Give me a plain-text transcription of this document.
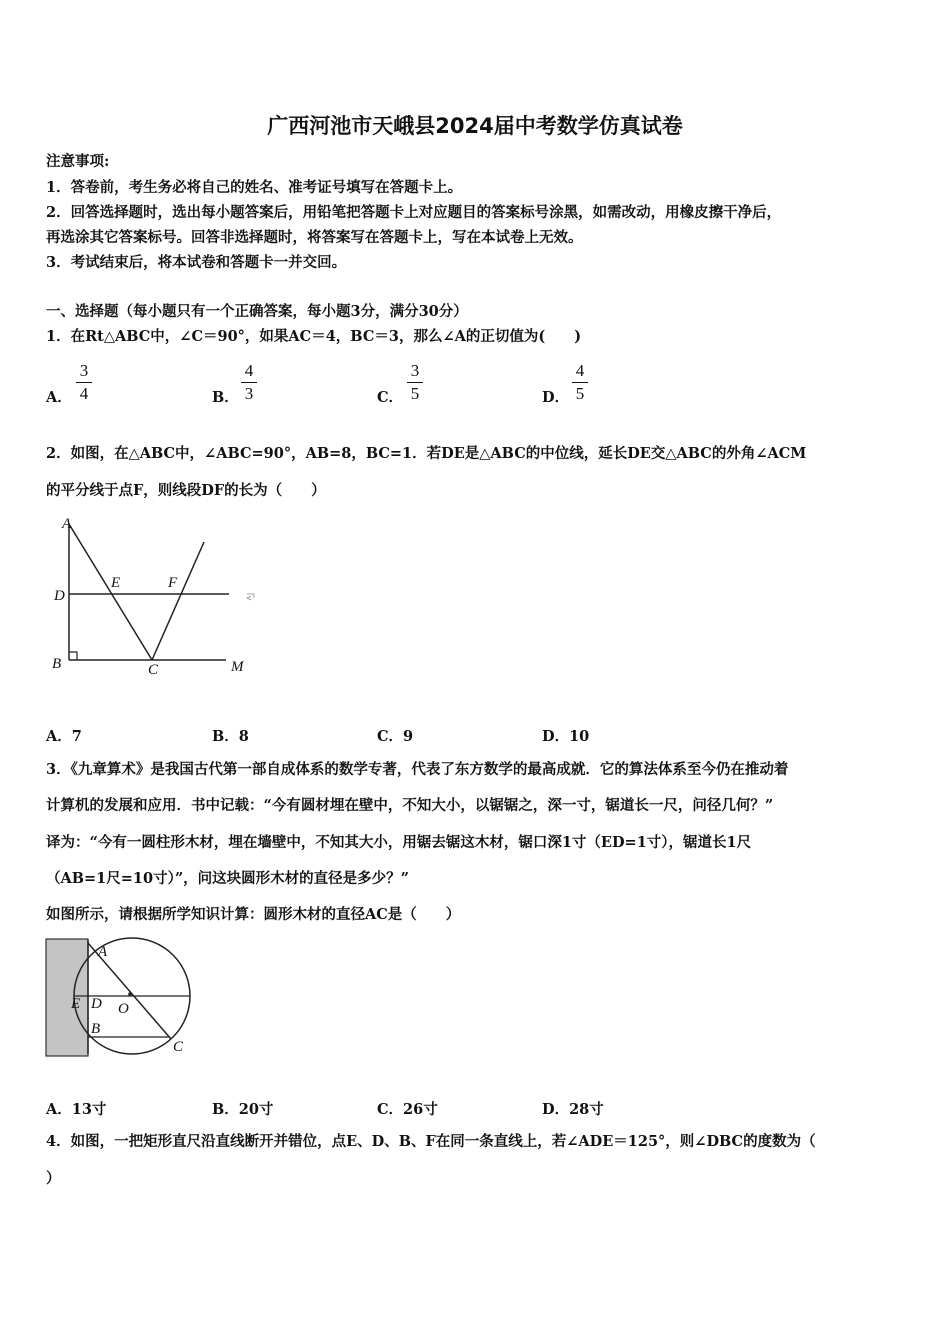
广西河池市天峨县2024届中考数学仿真试卷
注意事项:
1．答卷前，考生务必将自己的姓名、准考证号填写在答题卡上。
2．回答选择题时，选出每小题答案后，用铅笔把答题卡上对应题目的答案标号涂黑，如需改动，用橡皮擦干净后，
再选涂其它答案标号。回答非选择题时，将答案写在答题卡上，写在本试卷上无效。
3．考试结束后，将本试卷和答题卡一并交回。
一、选择题（每小题只有一个正确答案，每小题3分，满分30分）
1．在Rt△ABC中，∠C＝90°，如果AC＝4，BC＝3，那么∠A的正切值为(　　)
A．
3
4	B．
4
3	C．
3
5	D．
4
5
2．如图，在△ABC中，∠ABC=90°，AB=8，BC=1．若DE是△ABC的中位线，延长DE交△ABC的外角∠ACM
的平分线于点F，则线段DF的长为（　　）
A
D
E	F
B	C	M
A．7	B．8	C．9	D．10
3．《九章算术》是我国古代第一部自成体系的数学专著，代表了东方数学的最高成就．它的算法体系至今仍在推动着
计算机的发展和应用．书中记载：“今有圆材埋在壁中，不知大小，以锯锯之，深一寸，锯道长一尺，问径几何？”
译为：“今有一圆柱形木材，埋在墙壁中，不知其大小，用锯去锯这木材，锯口深1寸（ED=1寸），锯道长1尺
（AB=1尺=10寸）”，问这块圆形木材的直径是多少？”
如图所示，请根据所学知识计算：圆形木材的直径AC是（　　）
A
E D O
B
C
A．13寸	B．20寸	C．26寸	D．28寸
4．如图，一把矩形直尺沿直线断开并错位，点E、D、B、F在同一条直线上，若∠ADE＝125°，则∠DBC的度数为（
）
